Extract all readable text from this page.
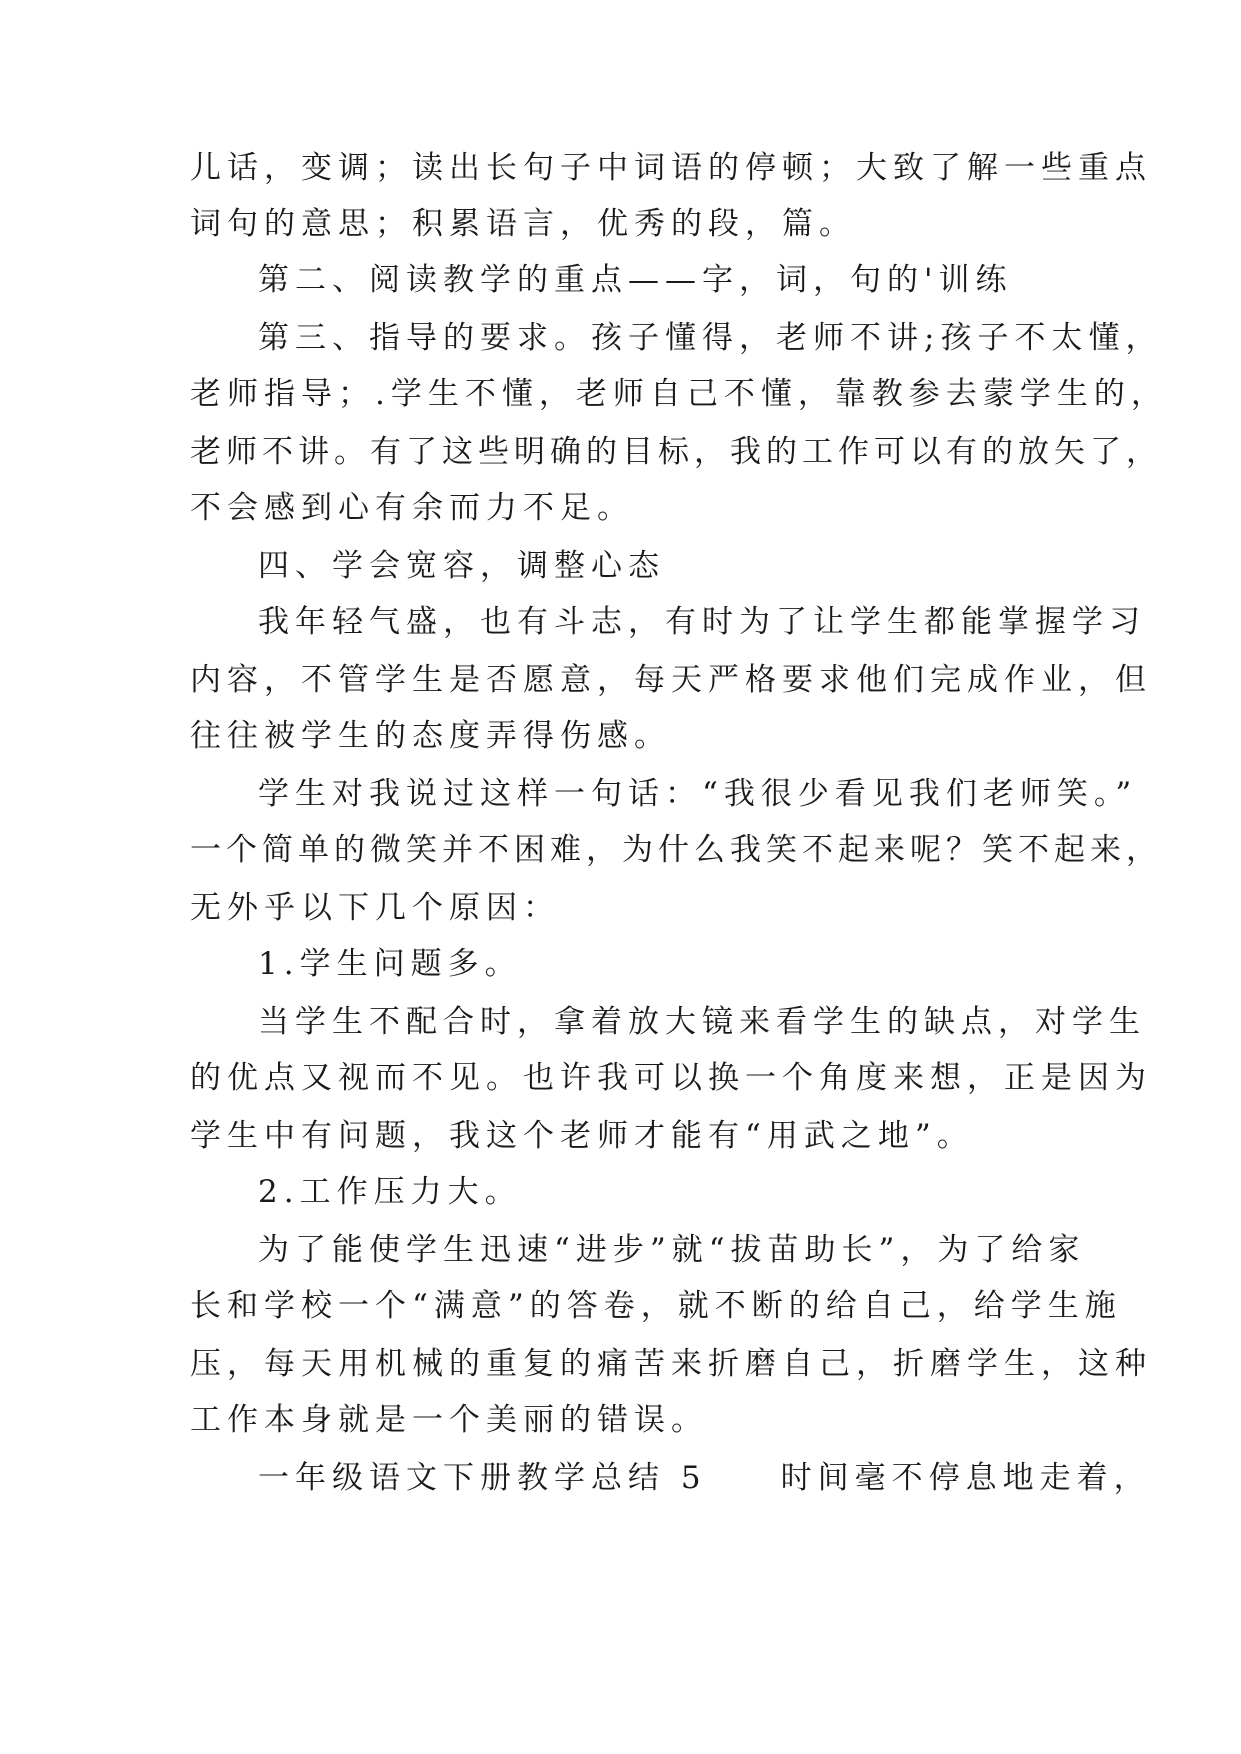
儿话，变调；读出长句子中词语的停顿；大致了解一些重点
词句的意思；积累语言，优秀的段，篇。
第二、阅读教学的重点——字，词，句的'训练
第三、指导的要求。孩子懂得，老师不讲;孩子不太懂，
老师指导；.学生不懂，老师自己不懂，靠教参去蒙学生的，
老师不讲。有了这些明确的目标，我的工作可以有的放矢了，
不会感到心有余而力不足。
四、学会宽容，调整心态
我年轻气盛，也有斗志，有时为了让学生都能掌握学习
内容，不管学生是否愿意，每天严格要求他们完成作业，但
往往被学生的态度弄得伤感。
学生对我说过这样一句话：“我很少看见我们老师笑。”
一个简单的微笑并不困难，为什么我笑不起来呢？笑不起来，
无外乎以下几个原因：
1.学生问题多。
当学生不配合时，拿着放大镜来看学生的缺点，对学生
的优点又视而不见。也许我可以换一个角度来想，正是因为
学生中有问题，我这个老师才能有“用武之地”。
2.工作压力大。
为了能使学生迅速“进步”就“拔苗助长”，为了给家
长和学校一个“满意”的答卷，就不断的给自己，给学生施
压，每天用机械的重复的痛苦来折磨自己，折磨学生，这种
工作本身就是一个美丽的错误。
一年级语文下册教学总结 5　　时间毫不停息地走着，
